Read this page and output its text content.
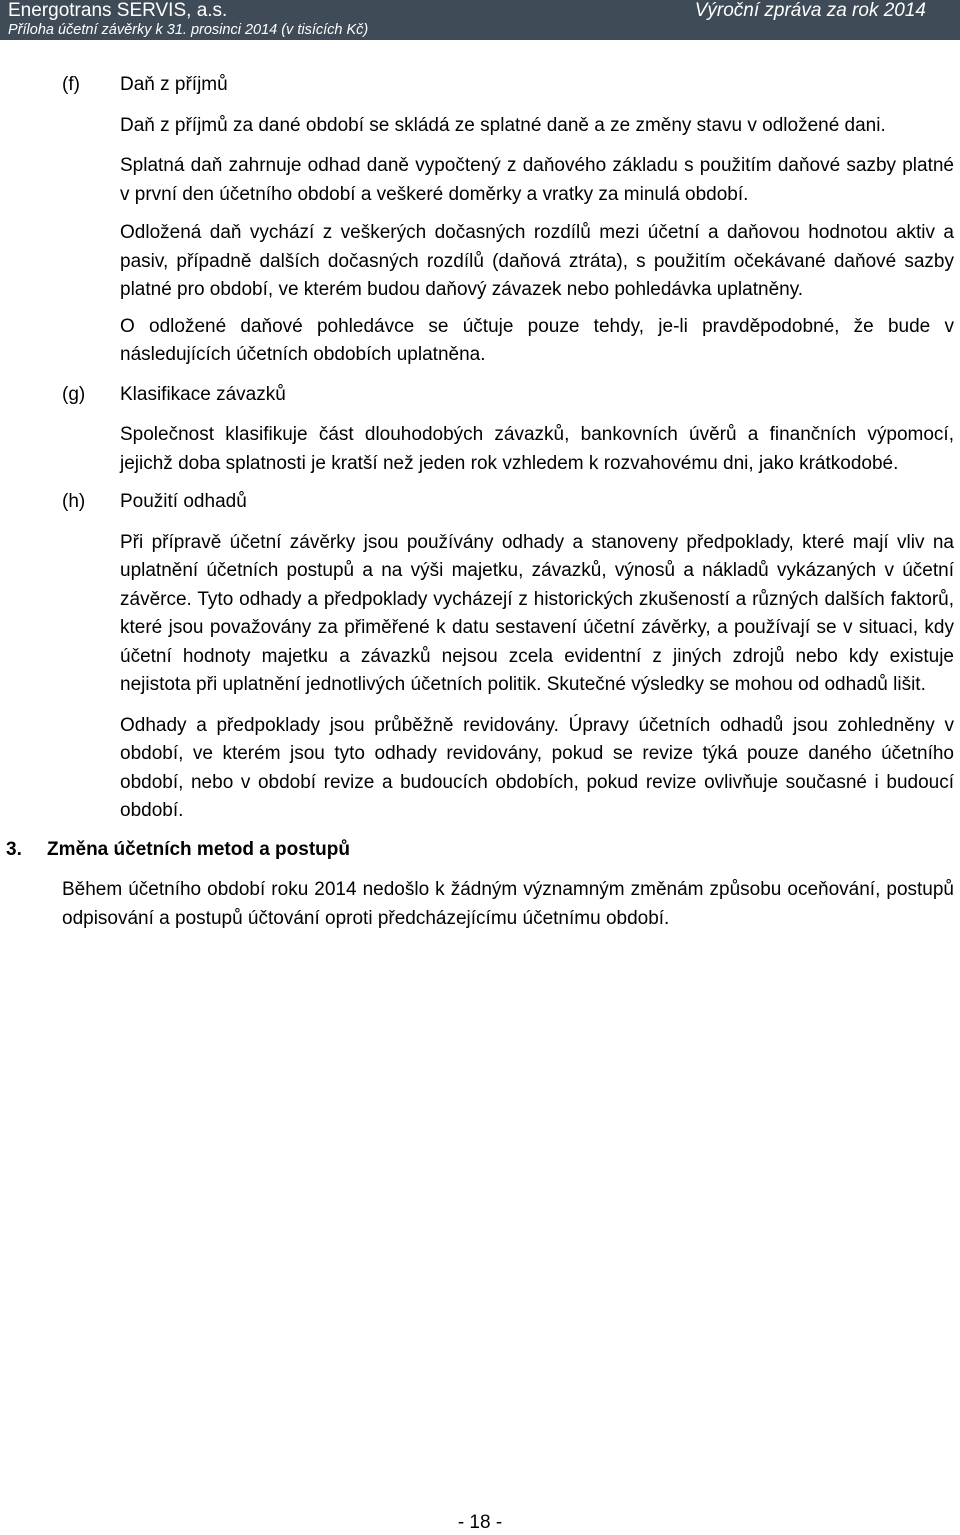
Energotrans SERVIS, a.s.
Příloha účetní závěrky k 31. prosinci 2014 (v tisících Kč)
Výroční zpráva za rok 2014
(f) Daň z příjmů
Daň z příjmů za dané období se skládá ze splatné daně a ze změny stavu v odložené dani.
Splatná daň zahrnuje odhad daně vypočtený z daňového základu s použitím daňové sazby platné v první den účetního období a veškeré doměrky a vratky za minulá období.
Odložená daň vychází z veškerých dočasných rozdílů mezi účetní a daňovou hodnotou aktiv a pasiv, případně dalších dočasných rozdílů (daňová ztráta), s použitím očekávané daňové sazby platné pro období, ve kterém budou daňový závazek nebo pohledávka uplatněny.
O odložené daňové pohledávce se účtuje pouze tehdy, je-li pravděpodobné, že bude v následujících účetních obdobích uplatněna.
(g) Klasifikace závazků
Společnost klasifikuje část dlouhodobých závazků, bankovních úvěrů a finančních výpomocí, jejichž doba splatnosti je kratší než jeden rok vzhledem k rozvahovému dni, jako krátkodobé.
(h) Použití odhadů
Při přípravě účetní závěrky jsou používány odhady a stanoveny předpoklady, které mají vliv na uplatnění účetních postupů a na výši majetku, závazků, výnosů a nákladů vykázaných v účetní závěrce. Tyto odhady a předpoklady vycházejí z historických zkušeností a různých dalších faktorů, které jsou považovány za přiměřené k datu sestavení účetní závěrky, a používají se v situaci, kdy účetní hodnoty majetku a závazků nejsou zcela evidentní z jiných zdrojů nebo kdy existuje nejistota při uplatnění jednotlivých účetních politik. Skutečné výsledky se mohou od odhadů lišit.
Odhady a předpoklady jsou průběžně revidovány. Úpravy účetních odhadů jsou zohledněny v období, ve kterém jsou tyto odhady revidovány, pokud se revize týká pouze daného účetního období, nebo v období revize a budoucích obdobích, pokud revize ovlivňuje současné i budoucí období.
3. Změna účetních metod a postupů
Během účetního období roku 2014 nedošlo k žádným významným změnám způsobu oceňování, postupů odpisování a postupů účtování oproti předcházejícímu účetnímu období.
- 18 -
